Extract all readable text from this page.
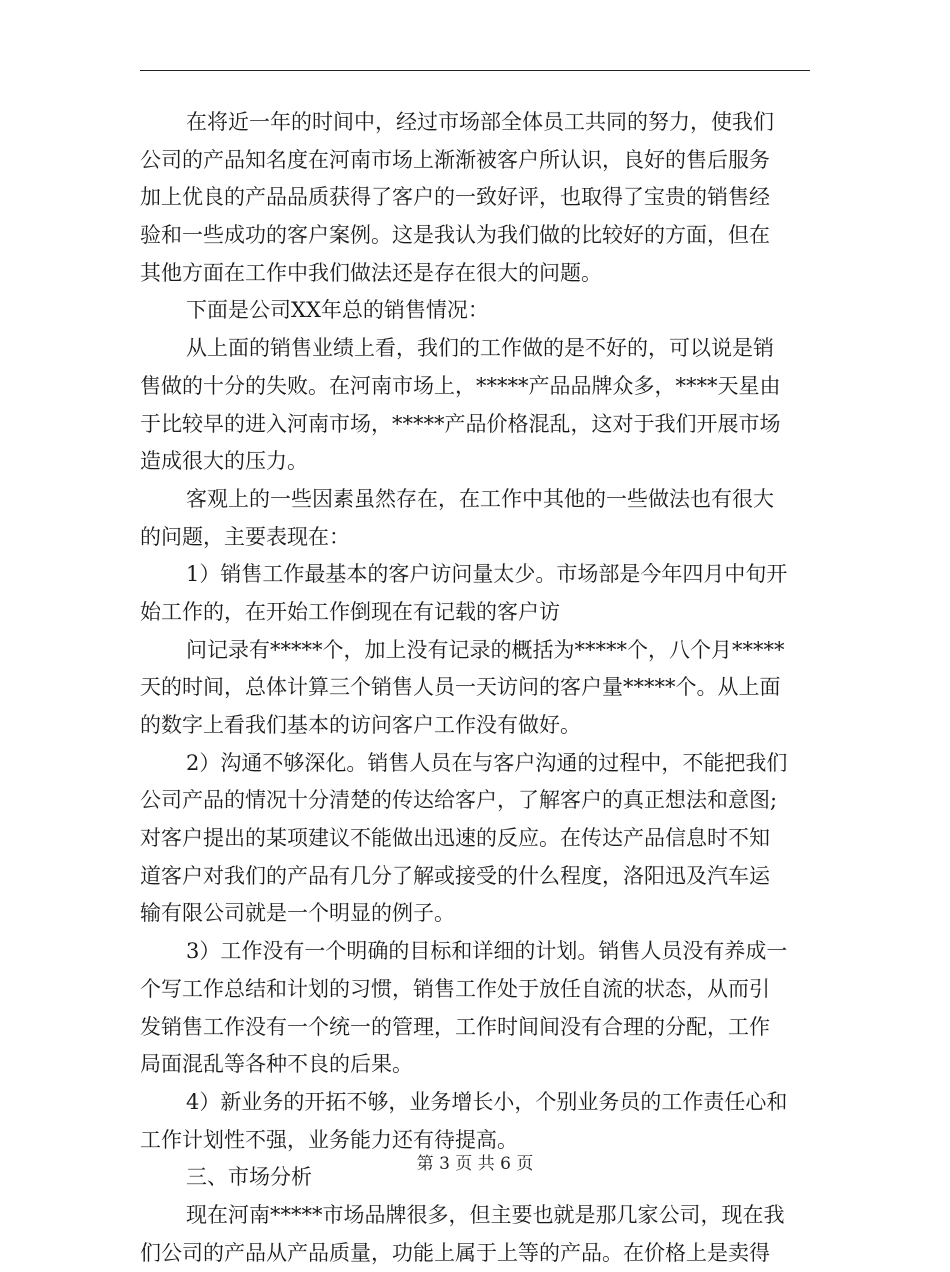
在将近一年的时间中，经过市场部全体员工共同的努力，使我们
公司的产品知名度在河南市场上渐渐被客户所认识，良好的售后服务
加上优良的产品品质获得了客户的一致好评，也取得了宝贵的销售经
验和一些成功的客户案例。这是我认为我们做的比较好的方面，但在
其他方面在工作中我们做法还是存在很大的问题。
下面是公司XX年总的销售情况：
从上面的销售业绩上看，我们的工作做的是不好的，可以说是销
售做的十分的失败。在河南市场上，*****产品品牌众多，****天星由
于比较早的进入河南市场，*****产品价格混乱，这对于我们开展市场
造成很大的压力。
客观上的一些因素虽然存在，在工作中其他的一些做法也有很大
的问题，主要表现在：
1）销售工作最基本的客户访问量太少。市场部是今年四月中旬开
始工作的，在开始工作倒现在有记载的客户访
问记录有*****个，加上没有记录的概括为*****个，八个月*****
天的时间，总体计算三个销售人员一天访问的客户量*****个。从上面
的数字上看我们基本的访问客户工作没有做好。
2）沟通不够深化。销售人员在与客户沟通的过程中，不能把我们
公司产品的情况十分清楚的传达给客户，了解客户的真正想法和意图;
对客户提出的某项建议不能做出迅速的反应。在传达产品信息时不知
道客户对我们的产品有几分了解或接受的什么程度，洛阳迅及汽车运
输有限公司就是一个明显的例子。
3）工作没有一个明确的目标和详细的计划。销售人员没有养成一
个写工作总结和计划的习惯，销售工作处于放任自流的状态，从而引
发销售工作没有一个统一的管理，工作时间间没有合理的分配，工作
局面混乱等各种不良的后果。
4）新业务的开拓不够，业务增长小，个别业务员的工作责任心和
工作计划性不强，业务能力还有待提高。
三、市场分析
现在河南*****市场品牌很多，但主要也就是那几家公司，现在我
们公司的产品从产品质量，功能上属于上等的产品。在价格上是卖得
第 3 页 共 6 页
